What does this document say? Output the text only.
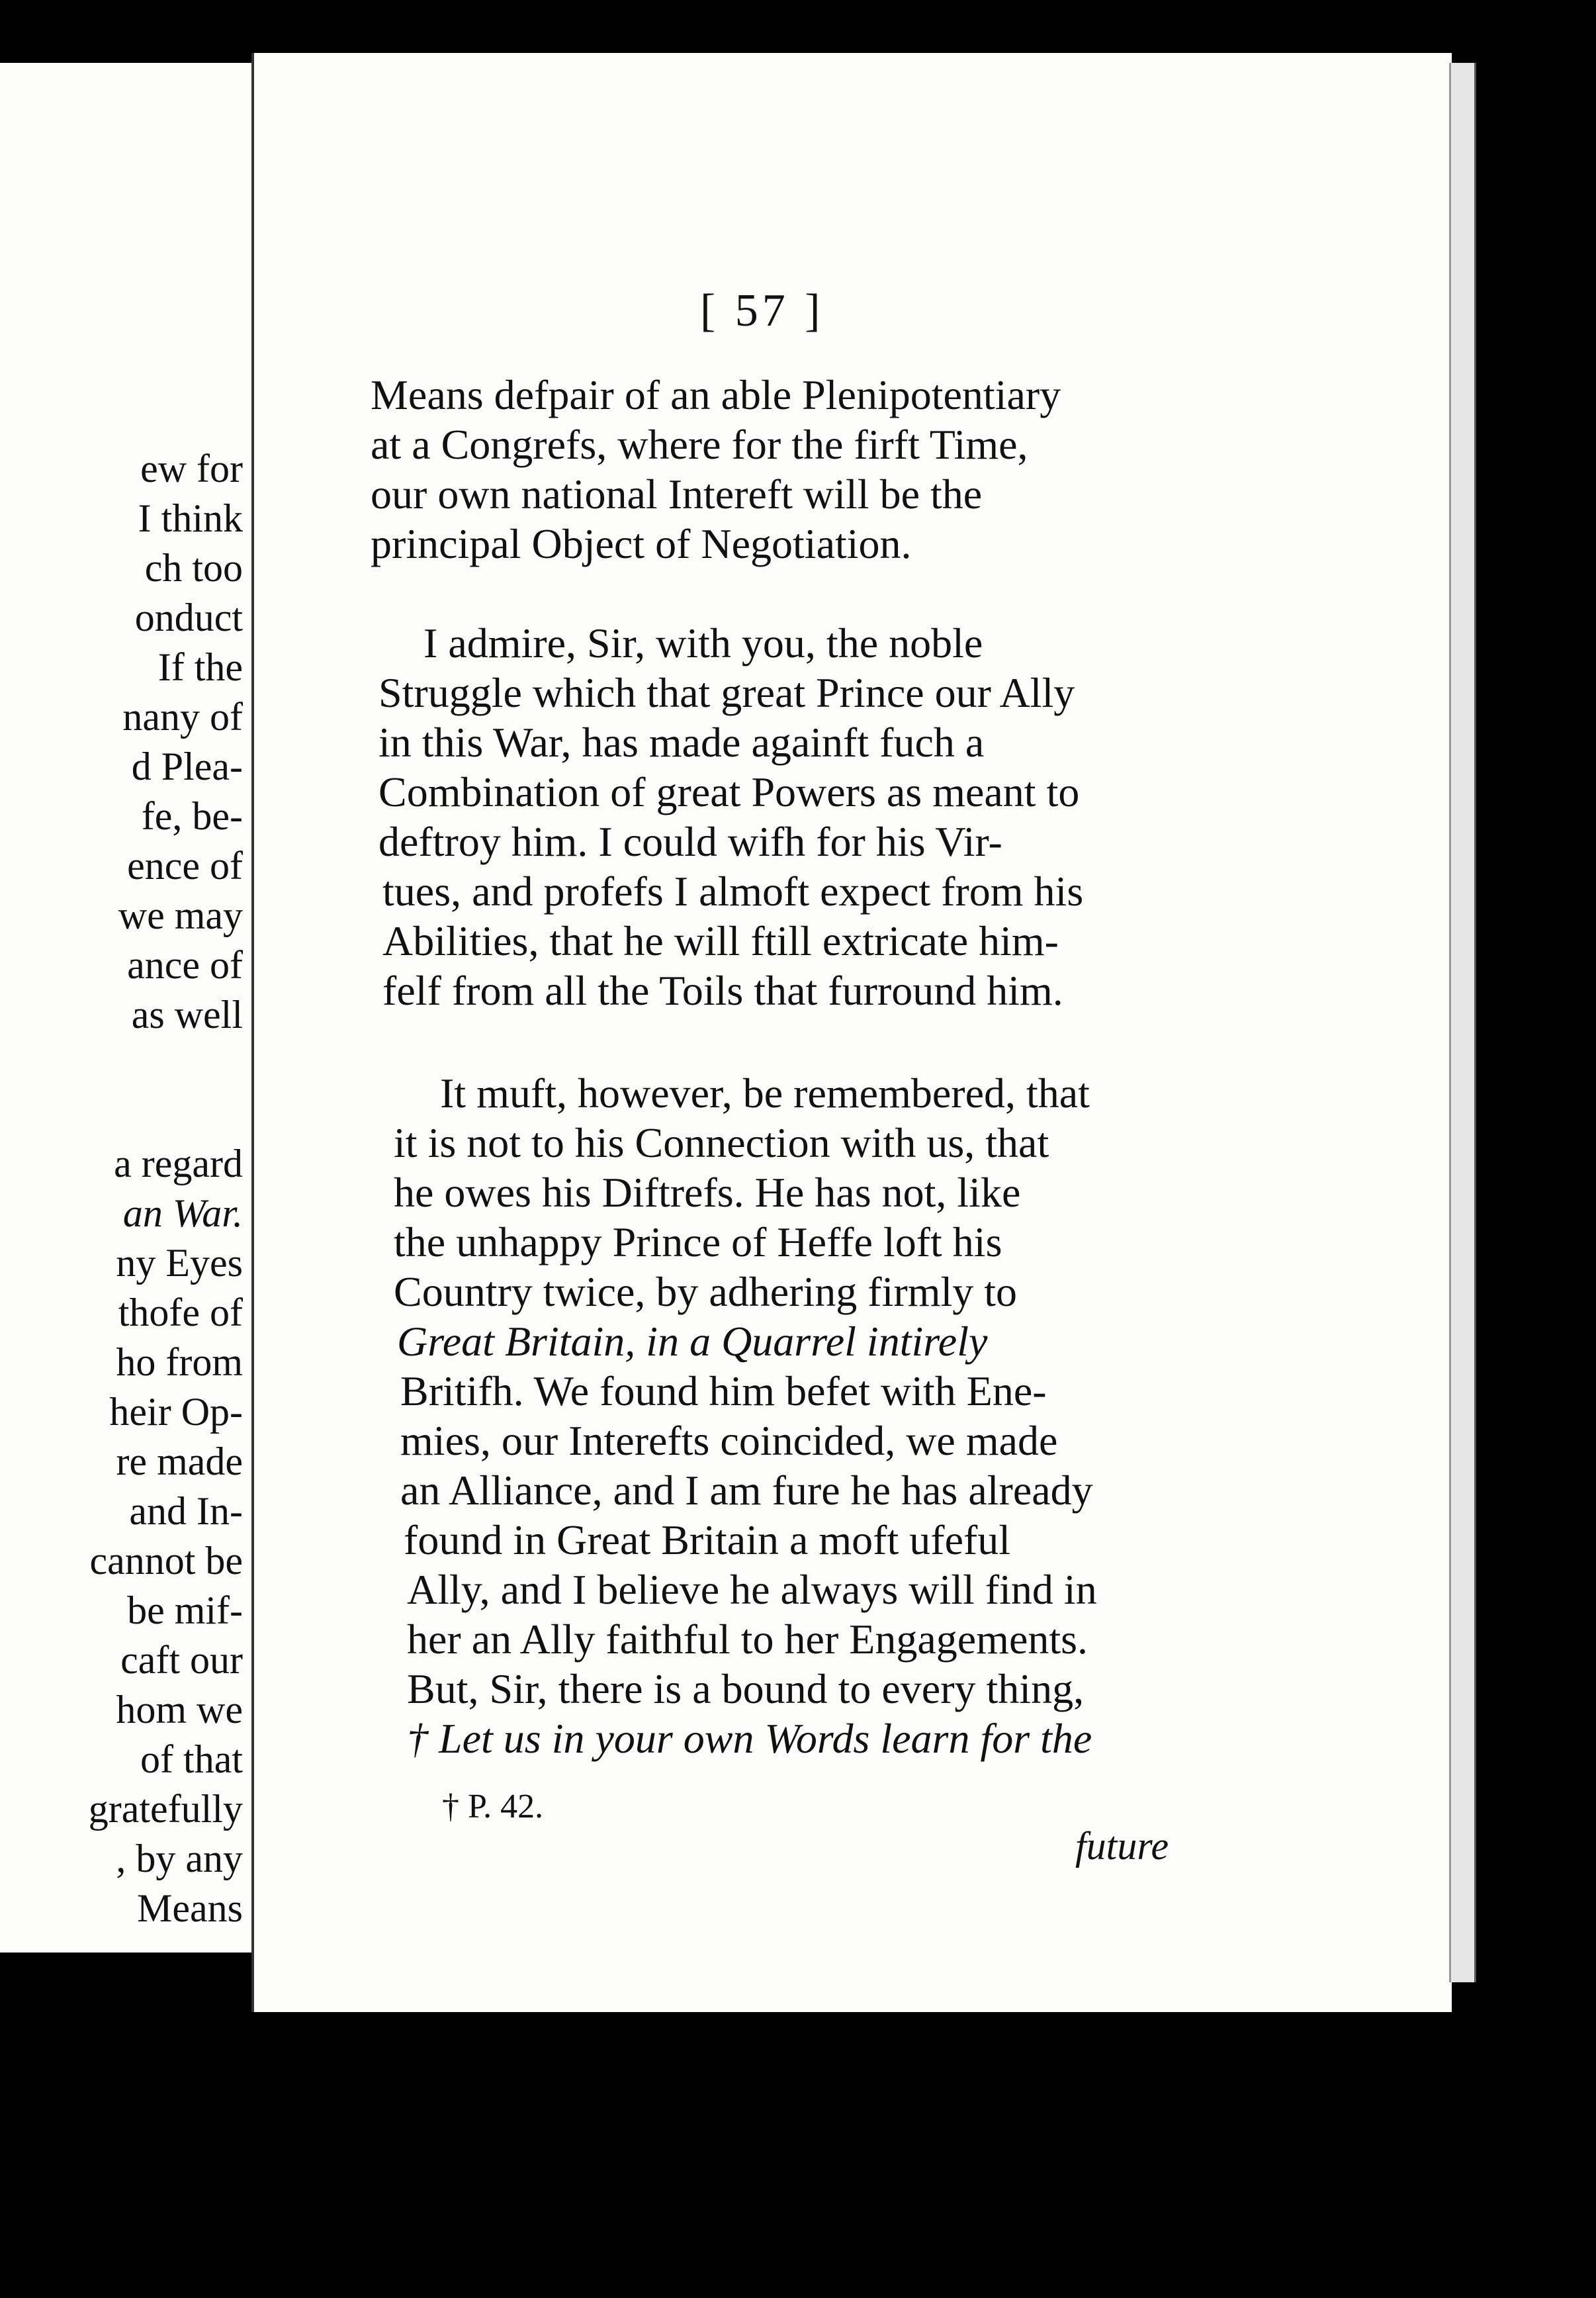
ew for
I think
ch too
onduct
If the
nany of
d Plea-
fe, be-
ence of
we may
ance of
as well
a regard
an War.
ny Eyes
thofe of
ho from
heir Op-
re made
and In-
cannot be
be mif-
caft our
hom we
of that
gratefully
, by any
Means
[ 57 ]
Means defpair of an able Plenipotentiary
at a Congrefs, where for the firft Time,
our own national Intereft will be the
principal Object of Negotiation.
I admire, Sir, with you, the noble
Struggle which that great Prince our Ally
in this War, has made againft fuch a
Combination of great Powers as meant to
deftroy him. I could wifh for his Vir-
tues, and profefs I almoft expect from his
Abilities, that he will ftill extricate him-
felf from all the Toils that furround him.
It muft, however, be remembered, that
it is not to his Connection with us, that
he owes his Diftrefs. He has not, like
the unhappy Prince of Heffe loft his
Country twice, by adhering firmly to
Great Britain, in a Quarrel intirely
Britifh. We found him befet with Ene-
mies, our Interefts coincided, we made
an Alliance, and I am fure he has already
found in Great Britain a moft ufeful
Ally, and I believe he always will find in
her an Ally faithful to her Engagements.
But, Sir, there is a bound to every thing,
† Let us in your own Words learn for the
† P. 42.
future
